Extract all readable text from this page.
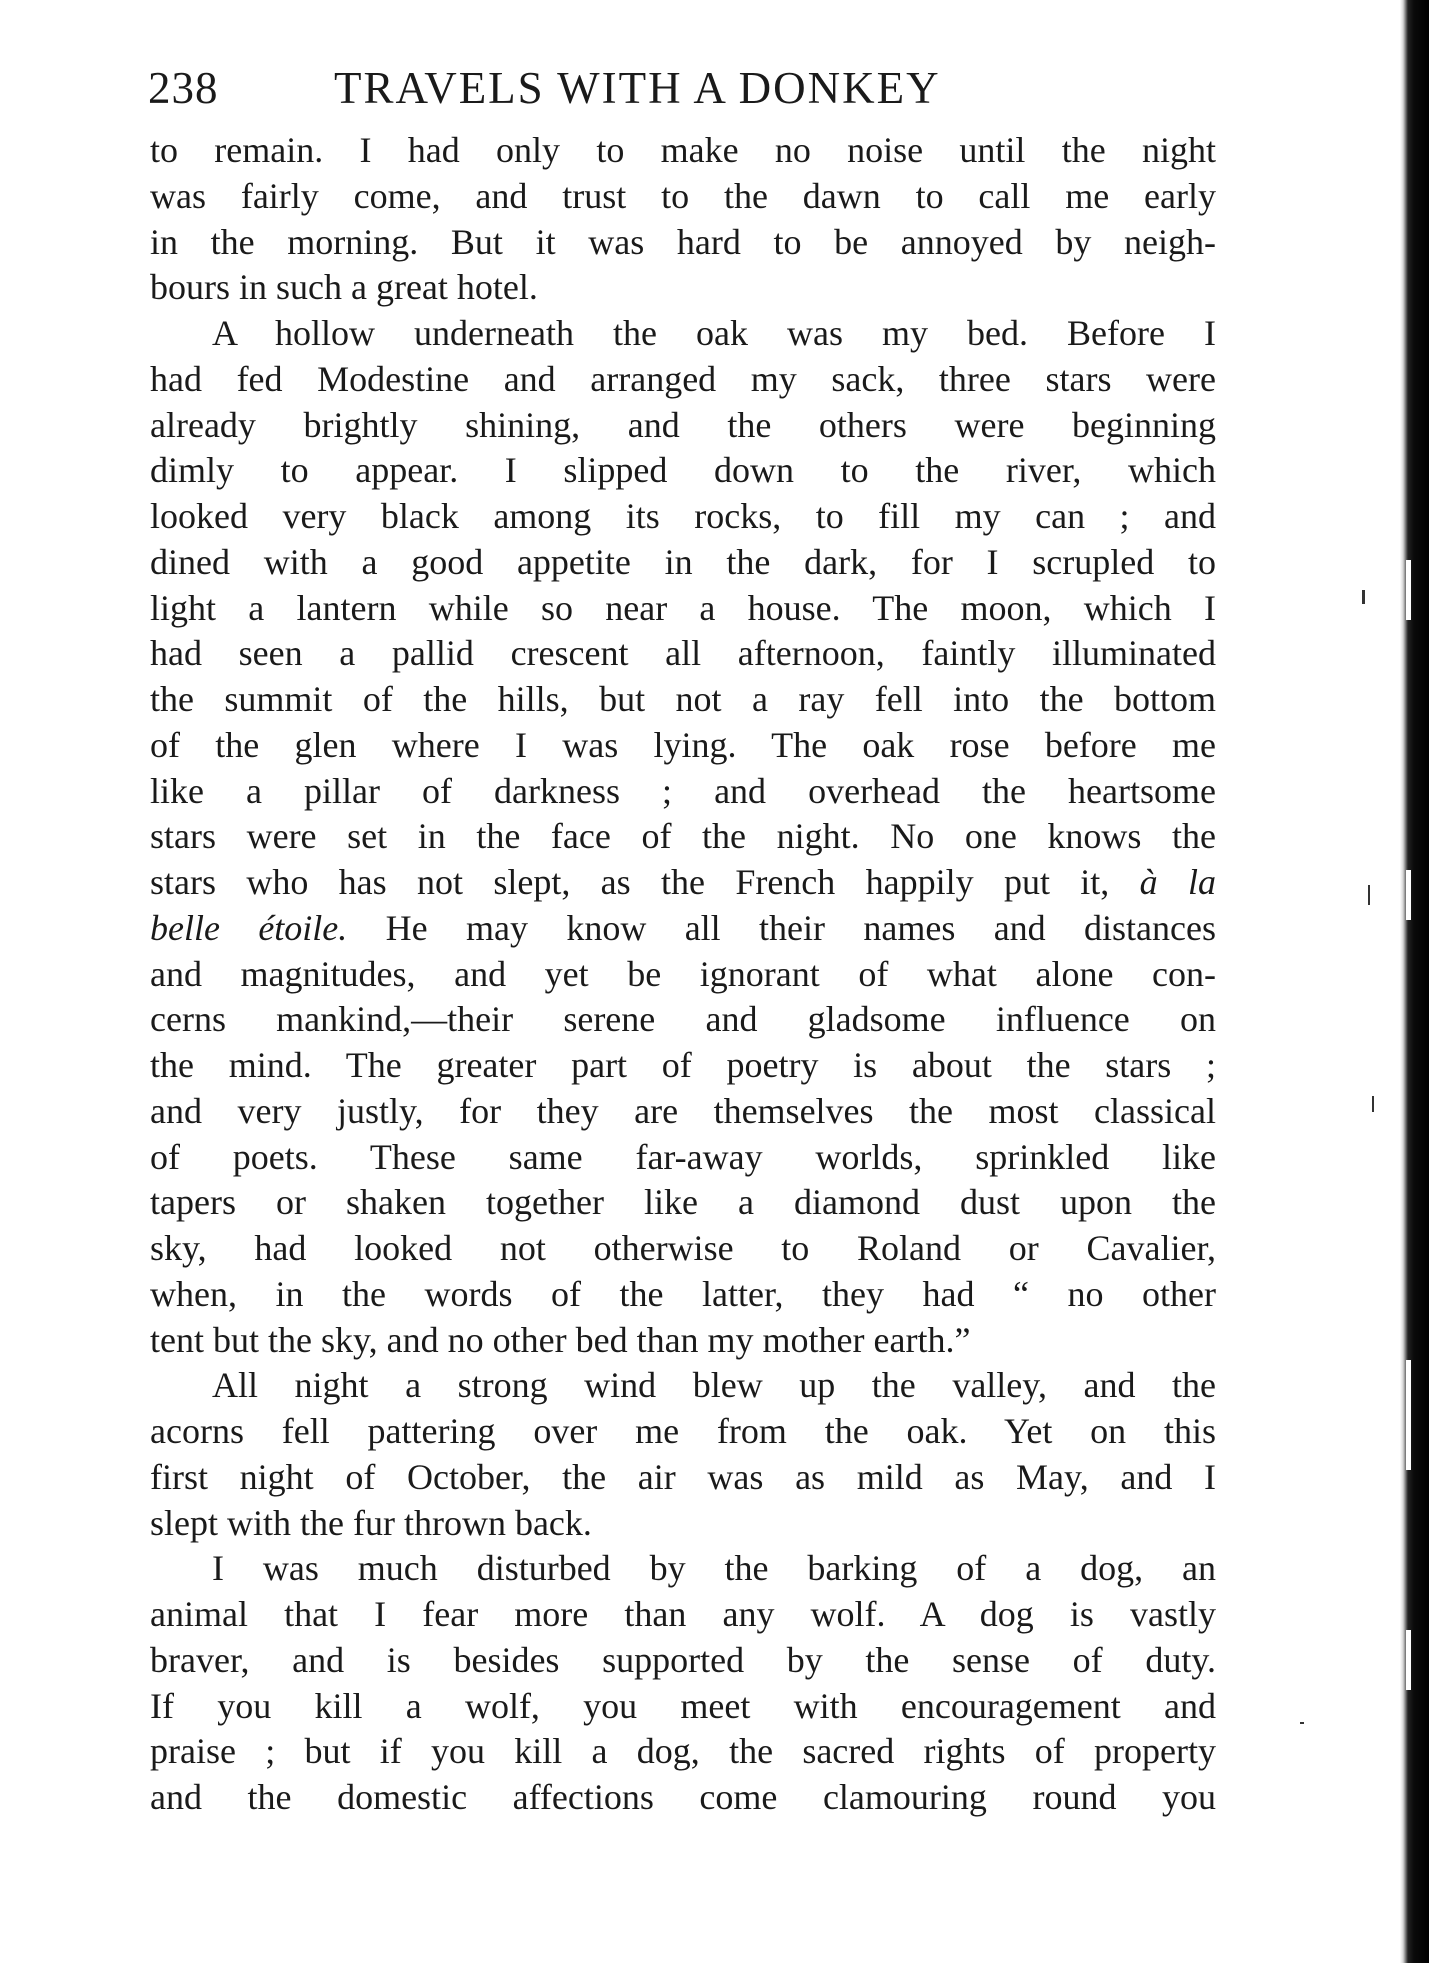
238	TRAVELS WITH A DONKEY
to remain. I had only to make no noise until the night
was fairly come, and trust to the dawn to call me early
in the morning. But it was hard to be annoyed by neigh-
bours in such a great hotel.
A hollow underneath the oak was my bed. Before I
had fed Modestine and arranged my sack, three stars were
already brightly shining, and the others were beginning
dimly to appear. I slipped down to the river, which
looked very black among its rocks, to fill my can ; and
dined with a good appetite in the dark, for I scrupled to
light a lantern while so near a house. The moon, which I
had seen a pallid crescent all afternoon, faintly illuminated
the summit of the hills, but not a ray fell into the bottom
of the glen where I was lying. The oak rose before me
like a pillar of darkness ; and overhead the heartsome
stars were set in the face of the night. No one knows the
stars who has not slept, as the French happily put it, à la
belle étoile. He may know all their names and distances
and magnitudes, and yet be ignorant of what alone con-
cerns mankind,—their serene and gladsome influence on
the mind. The greater part of poetry is about the stars ;
and very justly, for they are themselves the most classical
of poets. These same far-away worlds, sprinkled like
tapers or shaken together like a diamond dust upon the
sky, had looked not otherwise to Roland or Cavalier,
when, in the words of the latter, they had “ no other
tent but the sky, and no other bed than my mother earth.”
All night a strong wind blew up the valley, and the
acorns fell pattering over me from the oak. Yet on this
first night of October, the air was as mild as May, and I
slept with the fur thrown back.
I was much disturbed by the barking of a dog, an
animal that I fear more than any wolf. A dog is vastly
braver, and is besides supported by the sense of duty.
If you kill a wolf, you meet with encouragement and
praise ; but if you kill a dog, the sacred rights of property
and the domestic affections come clamouring round you
